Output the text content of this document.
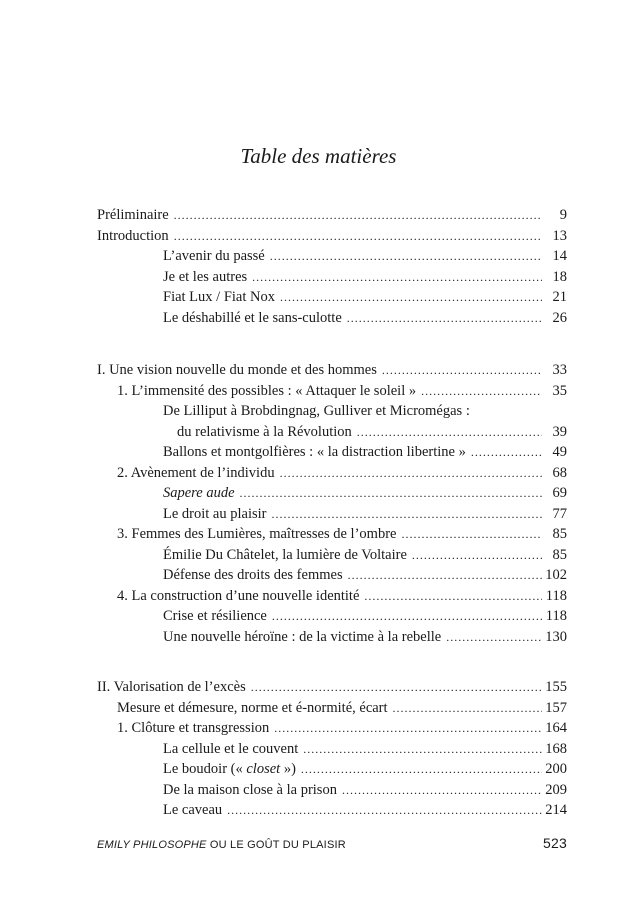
Table des matières
Préliminaire .....	9
Introduction .....	13
L’avenir du passé .....	14
Je et les autres .....	18
Fiat Lux / Fiat Nox .....	21
Le déshabillé et le sans-culotte .....	26
I. Une vision nouvelle du monde et des hommes .....	33
1. L’immensité des possibles : « Attaquer le soleil » .....	35
De Lilliput à Brobdingnag, Gulliver et Micromégas :
du relativisme à la Révolution .....	39
Ballons et montgolfières : « la distraction libertine » .....	49
2. Avènement de l’individu .....	68
Sapere aude .....	69
Le droit au plaisir .....	77
3. Femmes des Lumières, maîtresses de l’ombre .....	85
Émilie Du Châtelet, la lumière de Voltaire .....	85
Défense des droits des femmes .....	102
4. La construction d’une nouvelle identité .....	118
Crise et résilience .....	118
Une nouvelle héroïne : de la victime à la rebelle .....	130
II. Valorisation de l’excès .....	155
Mesure et démesure, norme et é-normité, écart .....	157
1. Clôture et transgression .....	164
La cellule et le couvent .....	168
Le boudoir (« closet ») .....	200
De la maison close à la prison .....	209
Le caveau .....	214
EMILY PHILOSOPHE OU LE GOÛT DU PLAISIR	523
